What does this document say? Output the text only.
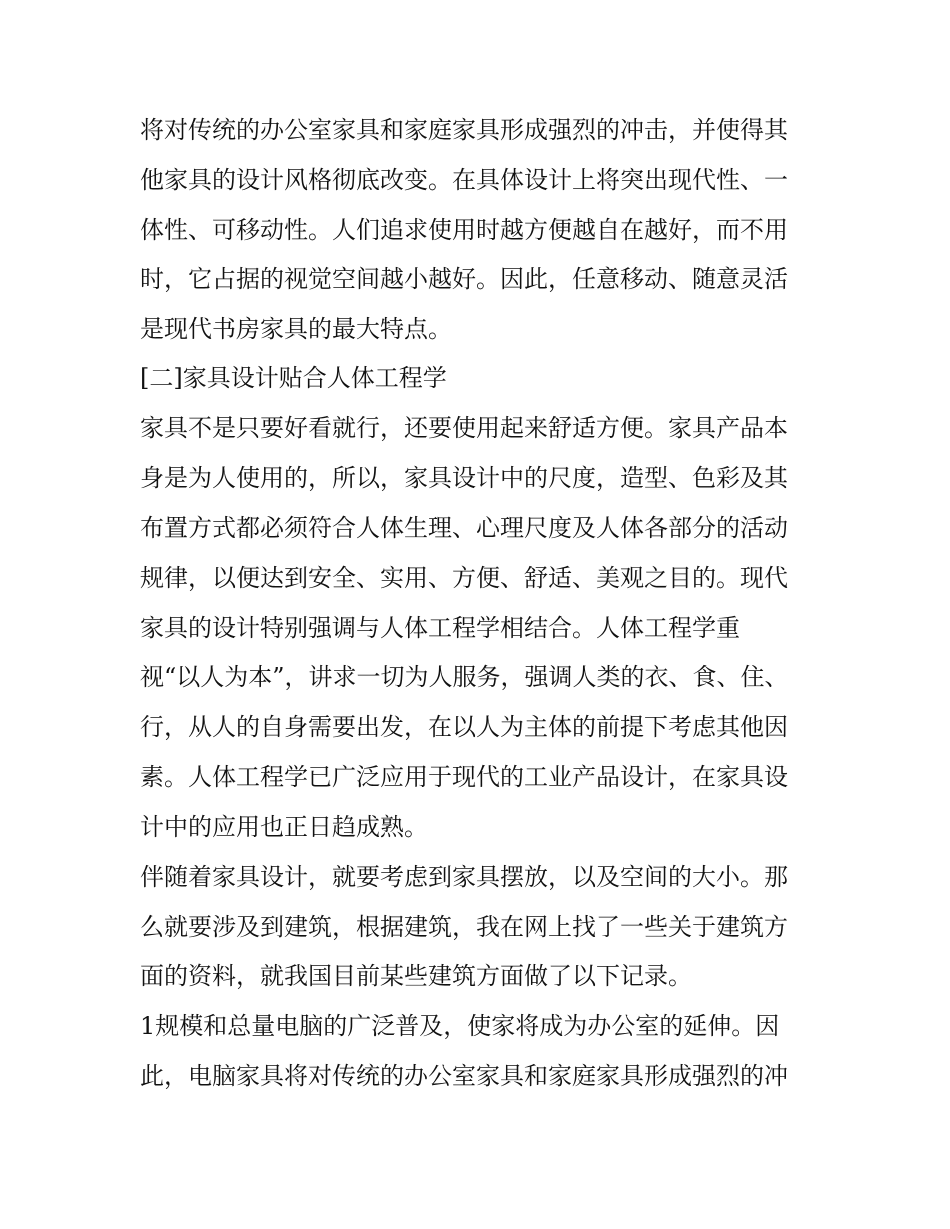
将对传统的办公室家具和家庭家具形成强烈的冲击，并使得其
他家具的设计风格彻底改变。在具体设计上将突出现代性、一
体性、可移动性。人们追求使用时越方便越自在越好，而不用
时，它占据的视觉空间越小越好。因此，任意移动、随意灵活
是现代书房家具的最大特点。
[二]家具设计贴合人体工程学
家具不是只要好看就行，还要使用起来舒适方便。家具产品本
身是为人使用的，所以，家具设计中的尺度，造型、色彩及其
布置方式都必须符合人体生理、心理尺度及人体各部分的活动
规律，以便达到安全、实用、方便、舒适、美观之目的。现代
家具的设计特别强调与人体工程学相结合。人体工程学重
视“以人为本”，讲求一切为人服务，强调人类的衣、食、住、
行，从人的自身需要出发，在以人为主体的前提下考虑其他因
素。人体工程学已广泛应用于现代的工业产品设计，在家具设
计中的应用也正日趋成熟。
伴随着家具设计，就要考虑到家具摆放，以及空间的大小。那
么就要涉及到建筑，根据建筑，我在网上找了一些关于建筑方
面的资料，就我国目前某些建筑方面做了以下记录。
1规模和总量电脑的广泛普及，使家将成为办公室的延伸。因
此，电脑家具将对传统的办公室家具和家庭家具形成强烈的冲
